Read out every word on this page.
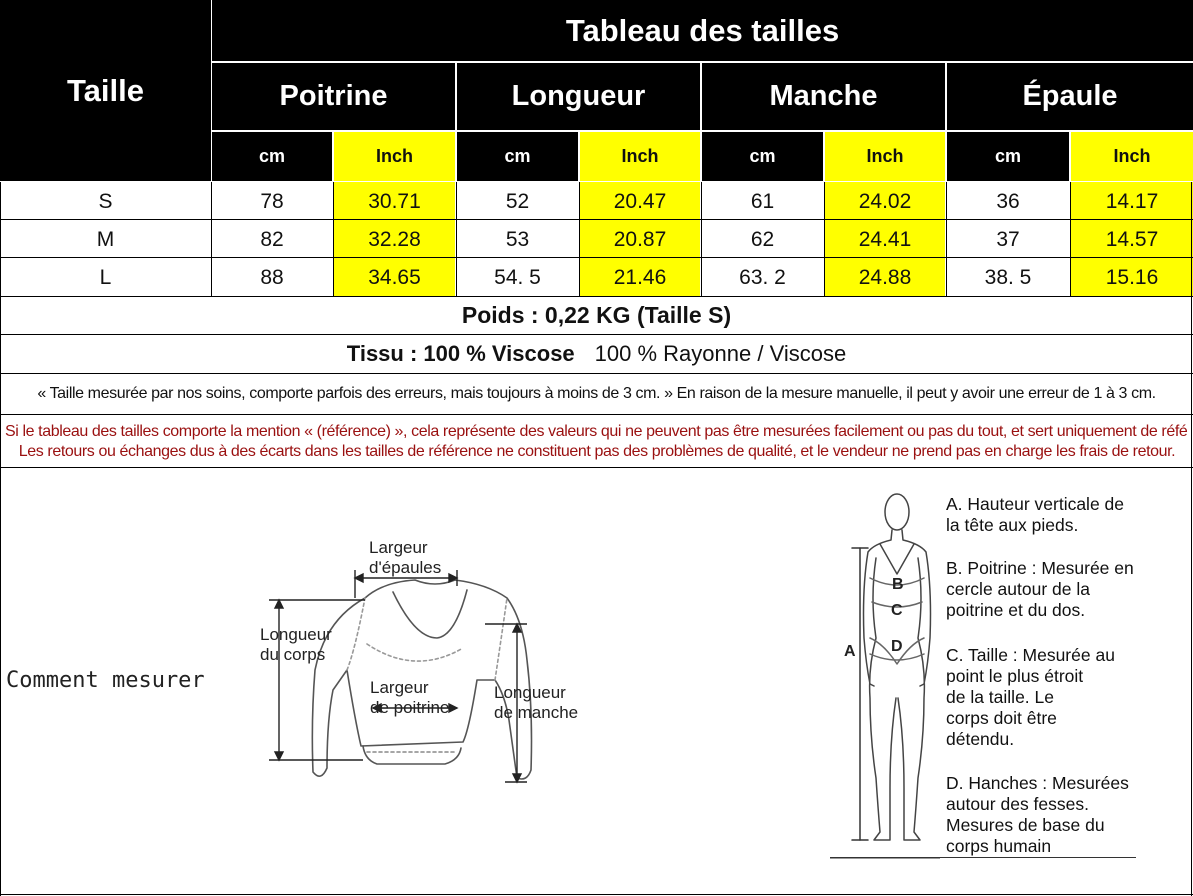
Taille
Tableau des tailles
Poitrine	Longueur	Manche	Épaule
cm	Inch	cm	Inch	cm	Inch	cm	Inch
S	78	30.71	52	20.47	61	24.02	36	14.17
M	82	32.28	53	20.87	62	24.41	37	14.57
L	88	34.65	54. 5	21.46	63. 2	24.88	38. 5	15.16
Poids : 0,22 KG (Taille S)
Tissu : 100 % Viscose 100 % Rayonne / Viscose
« Taille mesurée par nos soins, comporte parfois des erreurs, mais toujours à moins de 3 cm. » En raison de la mesure manuelle, il peut y avoir une erreur de 1 à 3 cm.
Si le tableau des tailles comporte la mention « (référence) », cela représente des valeurs qui ne peuvent pas être mesurées facilement ou pas du tout, et sert uniquement de réfé
Les retours ou échanges dus à des écarts dans les tailles de référence ne constituent pas des problèmes de qualité, et le vendeur ne prend pas en charge les frais de retour.
Comment mesurer
Largeur
d'épaules
Longueur
du corps
Largeur
de poitrine
Longueur
de manche
A
B
C
D
A. Hauteur verticale de
la tête aux pieds.
B. Poitrine : Mesurée en
cercle autour de la
poitrine et du dos.
C. Taille : Mesurée au
point le plus étroit
de la taille. Le
corps doit être
détendu.
D. Hanches : Mesurées
autour des fesses.
Mesures de base du
corps humain
